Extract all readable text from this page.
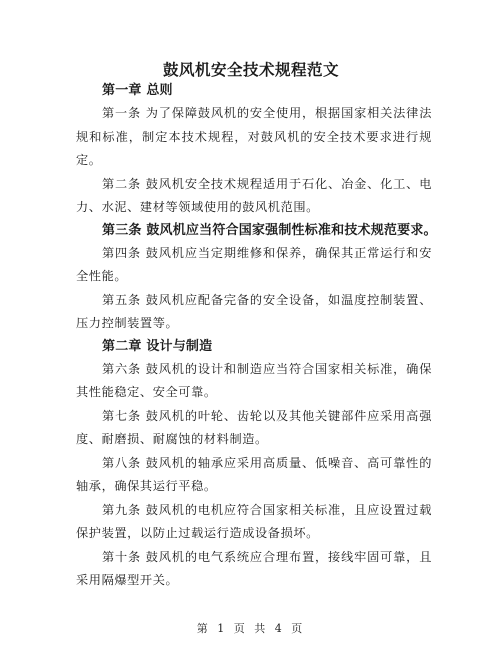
鼓风机安全技术规程范文

第一章 总则

第一条 为了保障鼓风机的安全使用，根据国家相关法律法规和标准，制定本技术规程，对鼓风机的安全技术要求进行规定。

第二条 鼓风机安全技术规程适用于石化、冶金、化工、电力、水泥、建材等领域使用的鼓风机范围。

第三条 鼓风机应当符合国家强制性标准和技术规范要求。

第四条 鼓风机应当定期维修和保养，确保其正常运行和安全性能。

第五条 鼓风机应配备完备的安全设备，如温度控制装置、压力控制装置等。

第二章 设计与制造

第六条 鼓风机的设计和制造应当符合国家相关标准，确保其性能稳定、安全可靠。

第七条 鼓风机的叶轮、齿轮以及其他关键部件应采用高强度、耐磨损、耐腐蚀的材料制造。

第八条 鼓风机的轴承应采用高质量、低噪音、高可靠性的轴承，确保其运行平稳。

第九条 鼓风机的电机应符合国家相关标准，且应设置过载保护装置，以防止过载运行造成设备损坏。

第十条 鼓风机的电气系统应合理布置，接线牢固可靠，且采用隔爆型开关。

第 1 页 共 4 页
